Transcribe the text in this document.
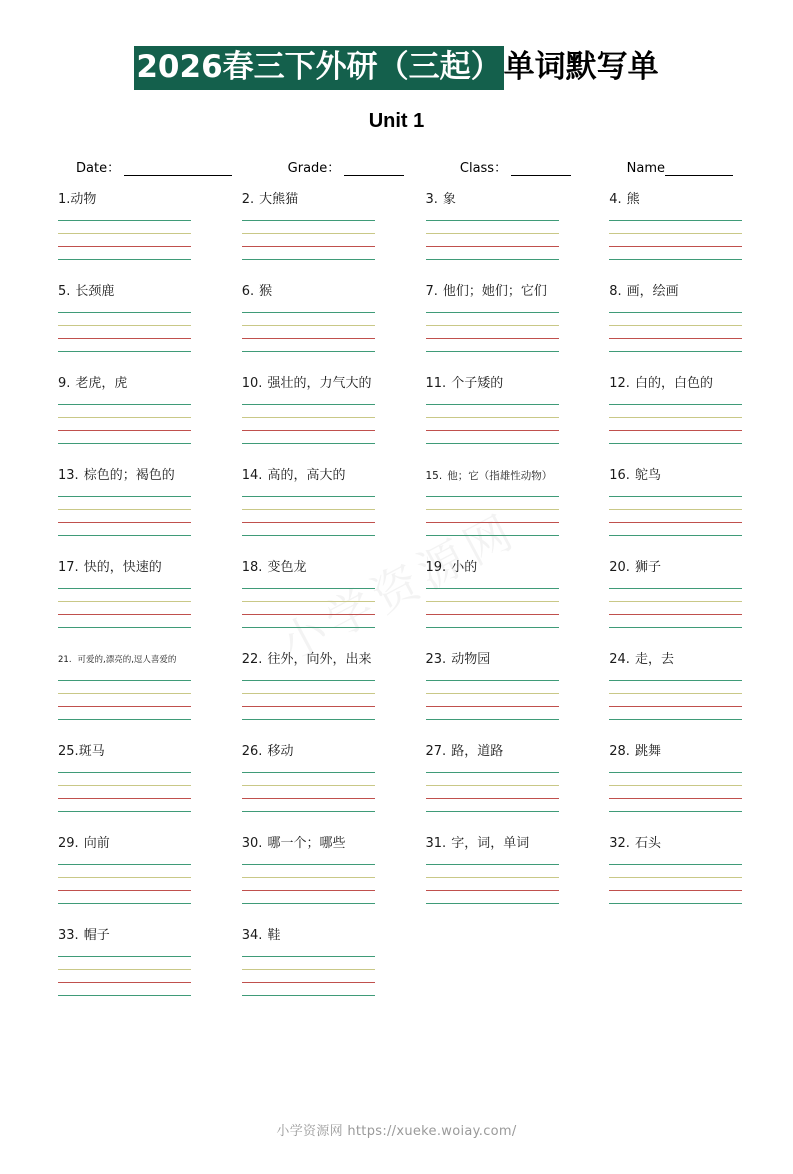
2026春三下外研（三起）单词默写单
Unit 1
Date：	Grade：	Class：	Name
1.动物	2. 大熊猫	3. 象	4. 熊
5. 长颈鹿	6. 猴	7. 他们；她们；它们	8. 画，绘画
9. 老虎，虎	10. 强壮的，力气大的	11. 个子矮的	12. 白的，白色的
13. 棕色的；褐色的	14. 高的，高大的	15. 他；它（指雄性动物）	16. 鸵鸟
17. 快的，快速的	18. 变色龙	19. 小的	20. 狮子
21. 可爱的,漂亮的,逗人喜爱的	22. 往外，向外，出来	23. 动物园	24. 走，去
25.斑马	26. 移动	27. 路，道路	28. 跳舞
29. 向前	30. 哪一个；哪些	31. 字，词，单词	32. 石头
33. 帽子	34. 鞋
小学资源网 https://xueke.woiay.com/
